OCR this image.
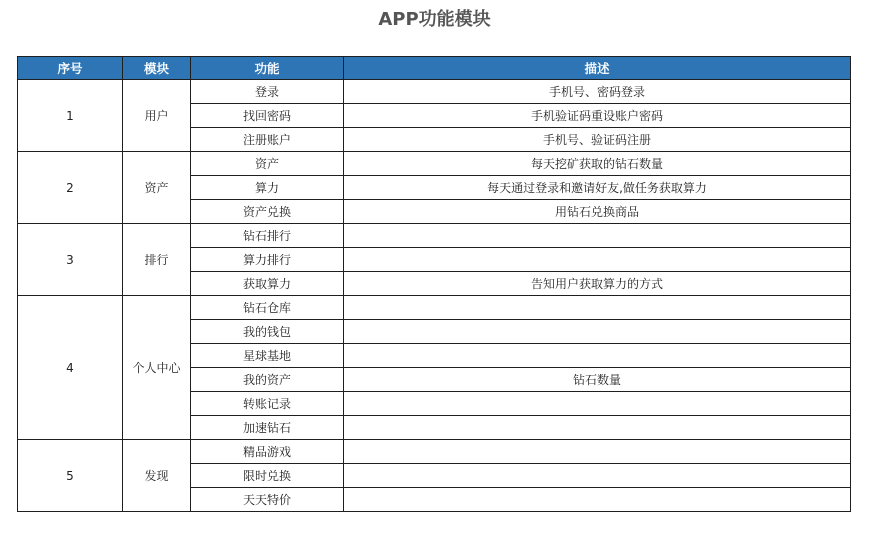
APP功能模块
序号	模块	功能	描述
1	用户	登录	手机号、密码登录
		找回密码	手机验证码重设账户密码
		注册账户	手机号、验证码注册
2	资产	资产	每天挖矿获取的钻石数量
		算力	每天通过登录和邀请好友,做任务获取算力
		资产兑换	用钻石兑换商品
3	排行	钻石排行	
		算力排行	
		获取算力	告知用户获取算力的方式
4	个人中心	钻石仓库	
		我的钱包	
		星球基地	
		我的资产	钻石数量
		转账记录	
		加速钻石	
5	发现	精品游戏	
		限时兑换	
		天天特价	
